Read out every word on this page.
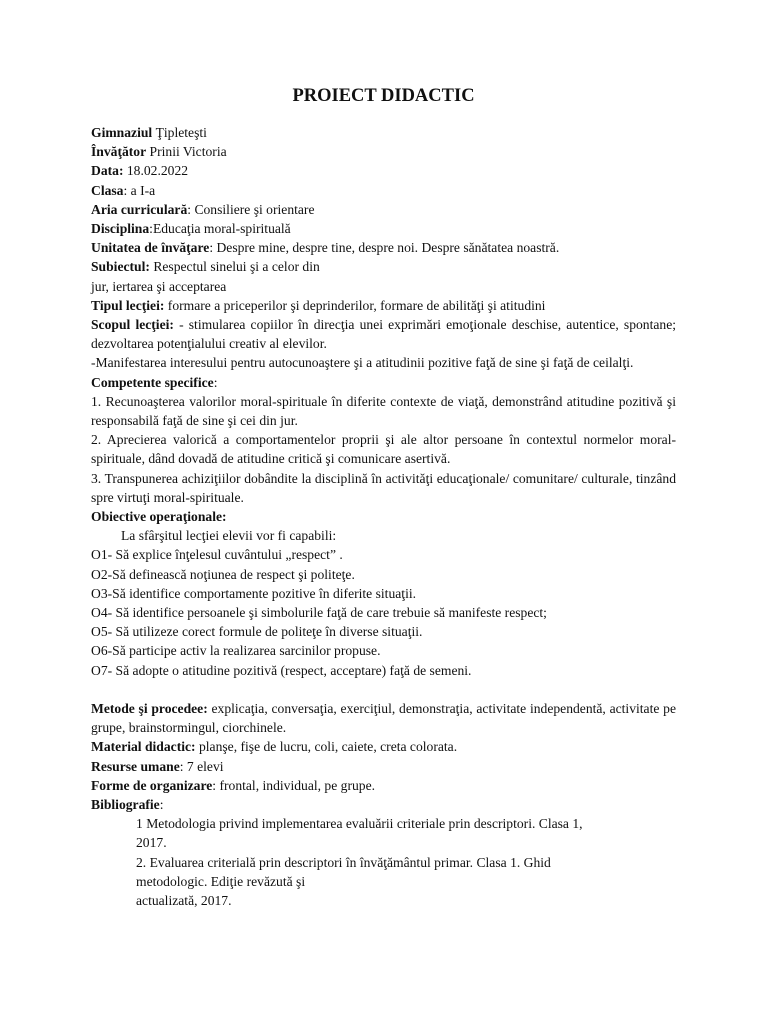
PROIECT DIDACTIC
Gimnaziul Ţipleteşti
Învăţător Prinii Victoria
Data: 18.02.2022
Clasa: a I-a
Aria curriculară: Consiliere şi orientare
Disciplina:Educaţia moral-spirituală
Unitatea de învăţare: Despre mine, despre tine, despre noi. Despre sănătatea noastră.
Subiectul: Respectul sinelui şi a celor din
jur, iertarea şi acceptarea
Tipul lecţiei: formare a priceperilor şi deprinderilor, formare de abilităţi şi atitudini
Scopul lecţiei: - stimularea copiilor în direcţia unei exprimări emoţionale deschise, autentice, spontane; dezvoltarea potenţialului creativ al elevilor.
-Manifestarea interesului pentru autocunoaştere şi a atitudinii pozitive faţă de sine şi faţă de ceilalţi.
Competente specifice:
1. Recunoaşterea valorilor moral-spirituale în diferite contexte de viaţă, demonstrând atitudine pozitivă şi responsabilă faţă de sine şi cei din jur.
2. Aprecierea valorică a comportamentelor proprii şi ale altor persoane în contextul normelor moral-spirituale, dând dovadă de atitudine critică şi comunicare asertivă.
3. Transpunerea achiziţiilor dobândite la disciplină în activităţi educaţionale/ comunitare/ culturale, tinzând spre virtuţi moral-spirituale.
Obiective operaţionale:
La sfârşitul lecţiei elevii vor fi capabili:
O1- Să explice înţelesul cuvântului „respect” .
O2-Să definească noţiunea de respect şi politeţe.
O3-Să identifice comportamente pozitive în diferite situaţii.
O4- Să identifice persoanele şi simbolurile faţă de care trebuie să manifeste respect;
O5- Să utilizeze corect formule de politeţe în diverse situaţii.
O6-Să participe activ la realizarea sarcinilor propuse.
O7- Să adopte o atitudine pozitivă (respect, acceptare) faţă de semeni.
Metode şi procedee: explicaţia, conversaţia, exerciţiul, demonstraţia, activitate independentă, activitate pe grupe, brainstormingul, ciorchinele.
Material didactic: planşe, fişe de lucru, coli, caiete, creta colorata.
Resurse umane: 7 elevi
Forme de organizare: frontal, individual, pe grupe.
Bibliografie:
1 Metodologia privind implementarea evaluării criteriale prin descriptori. Clasa 1,
2017.
2. Evaluarea criterială prin descriptori în învăţământul primar. Clasa 1. Ghid
metodologic. Ediţie revăzută şi
actualizată, 2017.
